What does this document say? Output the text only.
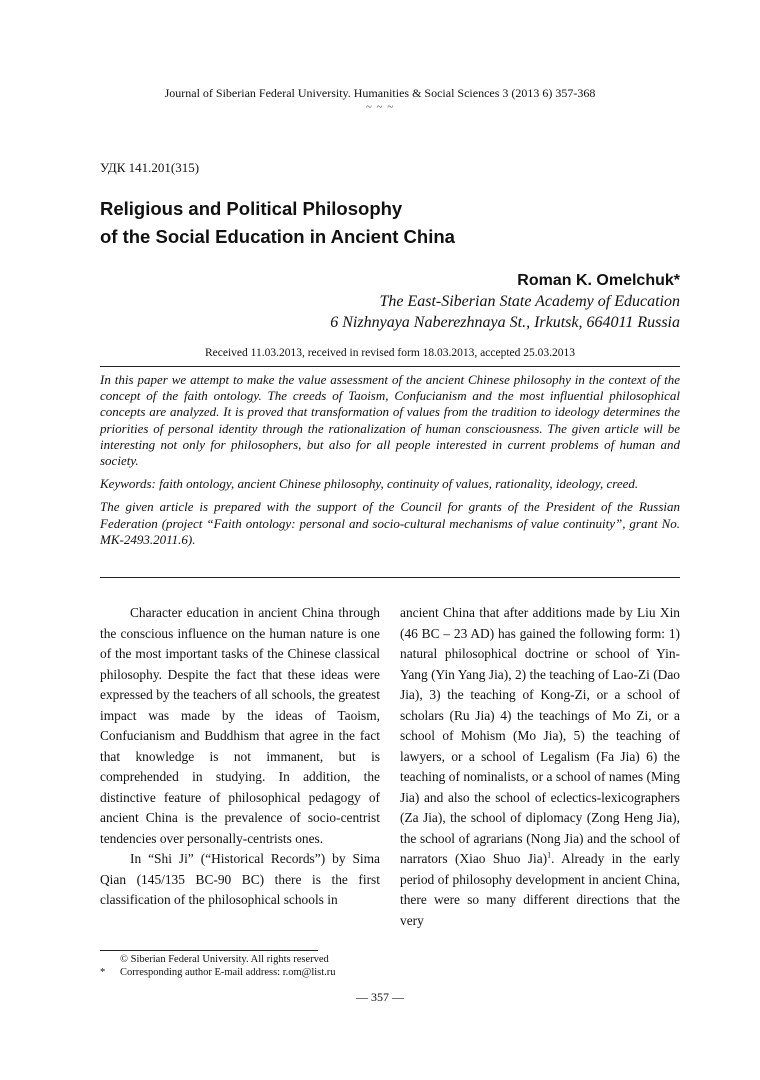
Journal of Siberian Federal University. Humanities & Social Sciences 3 (2013 6) 357-368
~ ~ ~
УДК 141.201(315)
Religious and Political Philosophy
of the Social Education in Ancient China
Roman K. Omelchuk*
The East-Siberian State Academy of Education
6 Nizhnyaya Naberezhnaya St., Irkutsk, 664011 Russia
Received 11.03.2013, received in revised form 18.03.2013, accepted 25.03.2013

In this paper we attempt to make the value assessment of the ancient Chinese philosophy in the context of the concept of the faith ontology. The creeds of Taoism, Confucianism and the most influential philosophical concepts are analyzed. It is proved that transformation of values from the tradition to ideology determines the priorities of personal identity through the rationalization of human consciousness. The given article will be interesting not only for philosophers, but also for all people interested in current problems of human and society.

Keywords: faith ontology, ancient Chinese philosophy, continuity of values, rationality, ideology, creed.

The given article is prepared with the support of the Council for grants of the President of the Russian Federation (project “Faith ontology: personal and socio-cultural mechanisms of value continuity”, grant No. MK-2493.2011.6).

Character education in ancient China through the conscious influence on the human nature is one of the most important tasks of the Chinese classical philosophy. Despite the fact that these ideas were expressed by the teachers of all schools, the greatest impact was made by the ideas of Taoism, Confucianism and Buddhism that agree in the fact that knowledge is not immanent, but is comprehended in studying. In addition, the distinctive feature of philosophical pedagogy of ancient China is the prevalence of socio-centrist tendencies over personally-centrists ones.

In “Shi Ji” (“Historical Records”) by Sima Qian (145/135 BC-90 BC) there is the first classification of the philosophical schools in

ancient China that after additions made by Liu Xin (46 BC – 23 AD) has gained the following form: 1) natural philosophical doctrine or school of Yin-Yang (Yin Yang Jia), 2) the teaching of Lao-Zi (Dao Jia), 3) the teaching of Kong-Zi, or a school of scholars (Ru Jia) 4) the teachings of Mo Zi, or a school of Mohism (Mo Jia), 5) the teaching of lawyers, or a school of Legalism (Fa Jia) 6) the teaching of nominalists, or a school of names (Ming Jia) and also the school of eclectics-lexicographers (Za Jia), the school of diplomacy (Zong Heng Jia), the school of agrarians (Nong Jia) and the school of narrators (Xiao Shuo Jia)$^1$. Already in the early period of philosophy development in ancient China, there were so many different directions that the very

© Siberian Federal University. All rights reserved
* Corresponding author E-mail address: r.om@list.ru
— 357 —
